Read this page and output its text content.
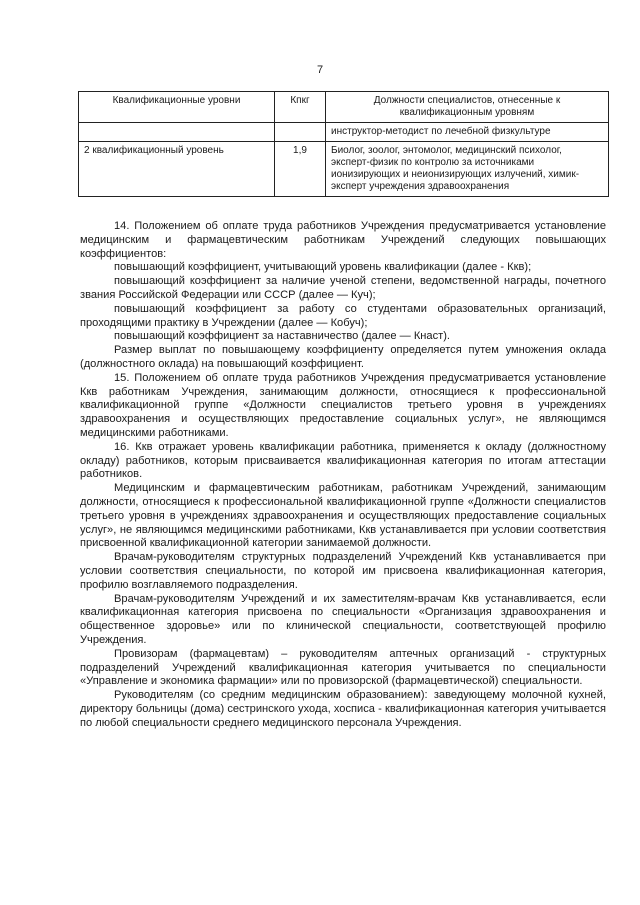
7
Квалификационные уровни	Кпкг	Должности специалистов, отнесенные к квалификационным уровням
		инструктор-методист по лечебной физкультуре
2 квалификационный уровень	1,9	Биолог, зоолог, энтомолог, медицинский психолог, эксперт-физик по контролю за источниками ионизирующих и неионизирующих излучений, химик-эксперт учреждения здравоохранения

14. Положением об оплате труда работников Учреждения предусматривается установление медицинским и фармацевтическим работникам Учреждений следующих повышающих коэффициентов:

повышающий коэффициент, учитывающий уровень квалификации (далее - Ккв);

повышающий коэффициент за наличие ученой степени, ведомственной награды, почетного звания Российской Федерации или СССР (далее — Куч);

повышающий коэффициент за работу со студентами образовательных организаций, проходящими практику в Учреждении (далее — Кобуч);

повышающий коэффициент за наставничество (далее — Кнаст).

Размер выплат по повышающему коэффициенту определяется путем умножения оклада (должностного оклада) на повышающий коэффициент.

15. Положением об оплате труда работников Учреждения предусматривается установление Ккв работникам Учреждения, занимающим должности, относящиеся к профессиональной квалификационной группе «Должности специалистов третьего уровня в учреждениях здравоохранения и осуществляющих предоставление социальных услуг», не являющимся медицинскими работниками.

16. Ккв отражает уровень квалификации работника, применяется к окладу (должностному окладу) работников, которым присваивается квалификационная категория по итогам аттестации работников.

Медицинским и фармацевтическим работникам, работникам Учреждений, занимающим должности, относящиеся к профессиональной квалификационной группе «Должности специалистов третьего уровня в учреждениях здравоохранения и осуществляющих предоставление социальных услуг», не являющимся медицинскими работниками, Ккв устанавливается при условии соответствия присвоенной квалификационной категории занимаемой должности.

Врачам-руководителям структурных подразделений Учреждений Ккв устанавливается при условии соответствия специальности, по которой им присвоена квалификационная категория, профилю возглавляемого подразделения.

Врачам-руководителям Учреждений и их заместителям-врачам Ккв устанавливается, если квалификационная категория присвоена по специальности «Организация здравоохранения и общественное здоровье» или по клинической специальности, соответствующей профилю Учреждения.

Провизорам (фармацевтам) – руководителям аптечных организаций - структурных подразделений Учреждений квалификационная категория учитывается по специальности «Управление и экономика фармации» или по провизорской (фармацевтической) специальности.

Руководителям (со средним медицинским образованием): заведующему молочной кухней, директору больницы (дома) сестринского ухода, хосписа - квалификационная категория учитывается по любой специальности среднего медицинского персонала Учреждения.
